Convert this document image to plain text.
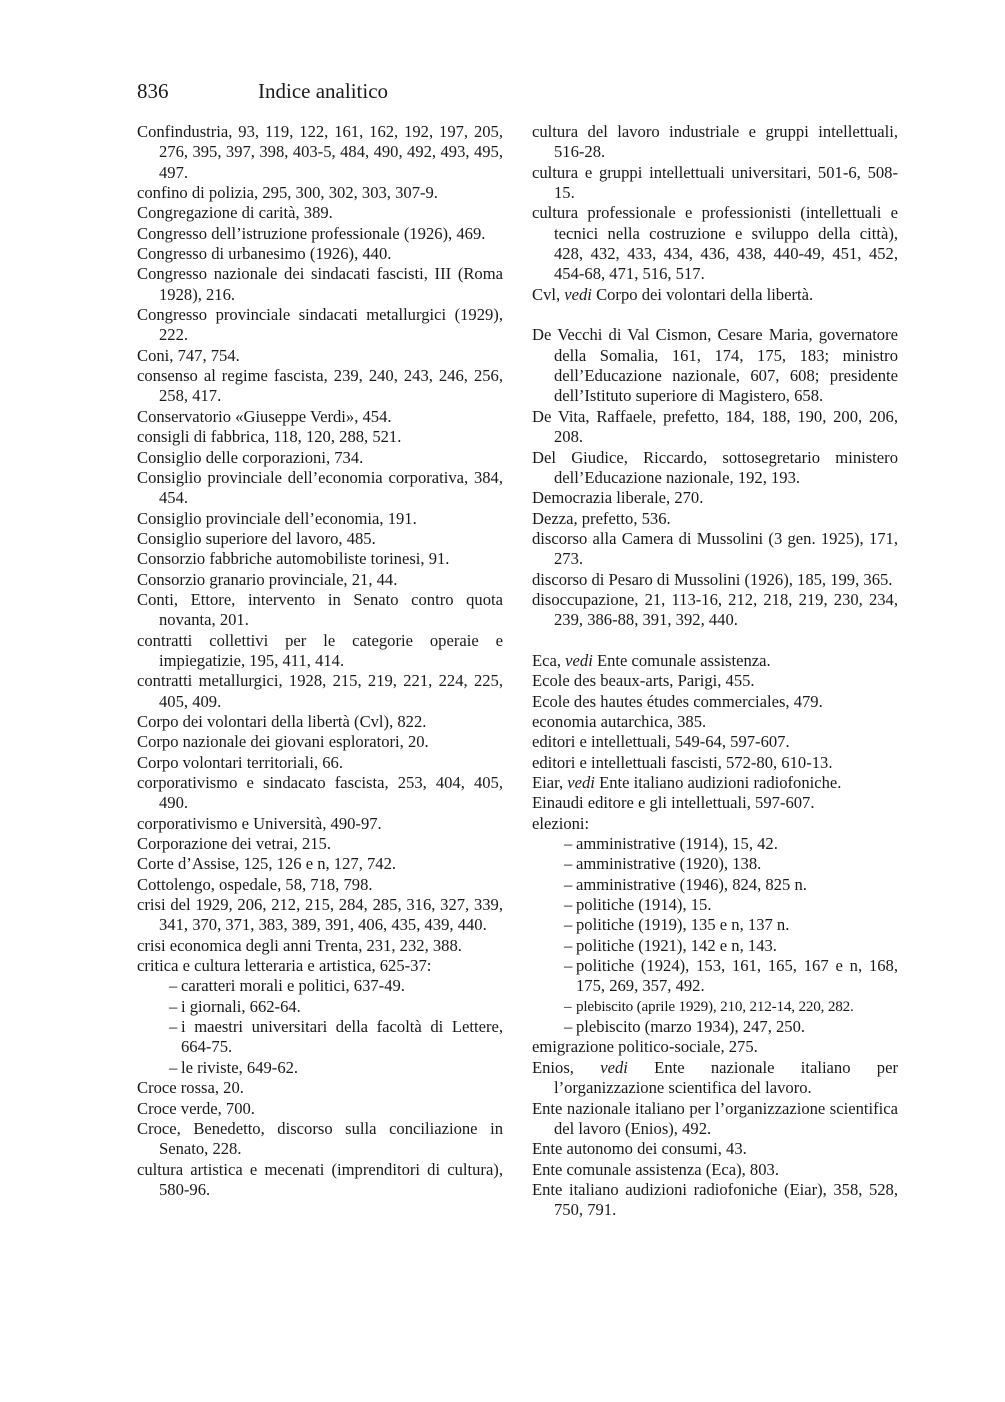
836	Indice analitico

Confindustria, 93, 119, 122, 161, 162, 192, 197, 205, 276, 395, 397, 398, 403-5, 484, 490, 492, 493, 495, 497.

confino di polizia, 295, 300, 302, 303, 307-9.

Congregazione di carità, 389.

Congresso dell’istruzione professionale (1926), 469.

Congresso di urbanesimo (1926), 440.

Congresso nazionale dei sindacati fascisti, III (Roma 1928), 216.

Congresso provinciale sindacati metallurgici (1929), 222.

Coni, 747, 754.

consenso al regime fascista, 239, 240, 243, 246, 256, 258, 417.

Conservatorio «Giuseppe Verdi», 454.

consigli di fabbrica, 118, 120, 288, 521.

Consiglio delle corporazioni, 734.

Consiglio provinciale dell’economia corporativa, 384, 454.

Consiglio provinciale dell’economia, 191.

Consiglio superiore del lavoro, 485.

Consorzio fabbriche automobiliste torinesi, 91.

Consorzio granario provinciale, 21, 44.

Conti, Ettore, intervento in Senato contro quota novanta, 201.

contratti collettivi per le categorie operaie e impiegatizie, 195, 411, 414.

contratti metallurgici, 1928, 215, 219, 221, 224, 225, 405, 409.

Corpo dei volontari della libertà (Cvl), 822.

Corpo nazionale dei giovani esploratori, 20.

Corpo volontari territoriali, 66.

corporativismo e sindacato fascista, 253, 404, 405, 490.

corporativismo e Università, 490-97.

Corporazione dei vetrai, 215.

Corte d’Assise, 125, 126 e n, 127, 742.

Cottolengo, ospedale, 58, 718, 798.

crisi del 1929, 206, 212, 215, 284, 285, 316, 327, 339, 341, 370, 371, 383, 389, 391, 406, 435, 439, 440.

crisi economica degli anni Trenta, 231, 232, 388.

critica e cultura letteraria e artistica, 625-37:

– caratteri morali e politici, 637-49.

– i giornali, 662-64.

– i maestri universitari della facoltà di Lettere, 664-75.

– le riviste, 649-62.

Croce rossa, 20.

Croce verde, 700.

Croce, Benedetto, discorso sulla conciliazione in Senato, 228.

cultura artistica e mecenati (imprenditori di cultura), 580-96.

cultura del lavoro industriale e gruppi intellettuali, 516-28.

cultura e gruppi intellettuali universitari, 501-6, 508-15.

cultura professionale e professionisti (intellettuali e tecnici nella costruzione e sviluppo della città), 428, 432, 433, 434, 436, 438, 440-49, 451, 452, 454-68, 471, 516, 517.

Cvl, vedi Corpo dei volontari della libertà.

De Vecchi di Val Cismon, Cesare Maria, governatore della Somalia, 161, 174, 175, 183; ministro dell’Educazione nazionale, 607, 608; presidente dell’Istituto superiore di Magistero, 658.

De Vita, Raffaele, prefetto, 184, 188, 190, 200, 206, 208.

Del Giudice, Riccardo, sottosegretario ministero dell’Educazione nazionale, 192, 193.

Democrazia liberale, 270.

Dezza, prefetto, 536.

discorso alla Camera di Mussolini (3 gen. 1925), 171, 273.

discorso di Pesaro di Mussolini (1926), 185, 199, 365.

disoccupazione, 21, 113-16, 212, 218, 219, 230, 234, 239, 386-88, 391, 392, 440.

Eca, vedi Ente comunale assistenza.

Ecole des beaux-arts, Parigi, 455.

Ecole des hautes études commerciales, 479.

economia autarchica, 385.

editori e intellettuali, 549-64, 597-607.

editori e intellettuali fascisti, 572-80, 610-13.

Eiar, vedi Ente italiano audizioni radiofoniche.

Einaudi editore e gli intellettuali, 597-607.

elezioni:

– amministrative (1914), 15, 42.

– amministrative (1920), 138.

– amministrative (1946), 824, 825 n.

– politiche (1914), 15.

– politiche (1919), 135 e n, 137 n.

– politiche (1921), 142 e n, 143.

– politiche (1924), 153, 161, 165, 167 e n, 168, 175, 269, 357, 492.

– plebiscito (aprile 1929), 210, 212-14, 220, 282.

– plebiscito (marzo 1934), 247, 250.

emigrazione politico-sociale, 275.

Enios, vedi Ente nazionale italiano per l’organizzazione scientifica del lavoro.

Ente nazionale italiano per l’organizzazione scientifica del lavoro (Enios), 492.

Ente autonomo dei consumi, 43.

Ente comunale assistenza (Eca), 803.

Ente italiano audizioni radiofoniche (Eiar), 358, 528, 750, 791.
